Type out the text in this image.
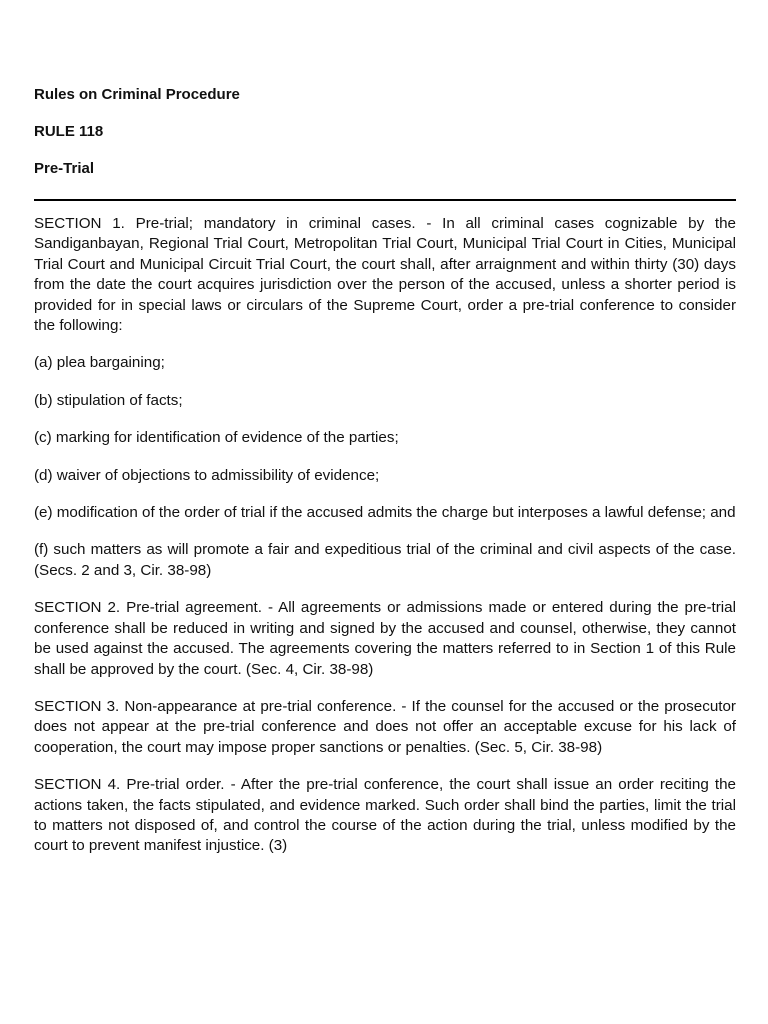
Rules on Criminal Procedure

RULE 118

Pre-Trial

SECTION 1. Pre-trial; mandatory in criminal cases. - In all criminal cases cognizable by the Sandiganbayan, Regional Trial Court, Metropolitan Trial Court, Municipal Trial Court in Cities, Municipal Trial Court and Municipal Circuit Trial Court, the court shall, after arraignment and within thirty (30) days from the date the court acquires jurisdiction over the person of the accused, unless a shorter period is provided for in special laws or circulars of the Supreme Court, order a pre-trial conference to consider the following:

(a) plea bargaining;

(b) stipulation of facts;

(c) marking for identification of evidence of the parties;

(d) waiver of objections to admissibility of evidence;

(e) modification of the order of trial if the accused admits the charge but interposes a lawful defense; and

(f) such matters as will promote a fair and expeditious trial of the criminal and civil aspects of the case. (Secs. 2 and 3, Cir. 38-98)

SECTION 2. Pre-trial agreement. - All agreements or admissions made or entered during the pre-trial conference shall be reduced in writing and signed by the accused and counsel, otherwise, they cannot be used against the accused. The agreements covering the matters referred to in Section 1 of this Rule shall be approved by the court. (Sec. 4, Cir. 38-98)

SECTION 3. Non-appearance at pre-trial conference. - If the counsel for the accused or the prosecutor does not appear at the pre-trial conference and does not offer an acceptable excuse for his lack of cooperation, the court may impose proper sanctions or penalties. (Sec. 5, Cir. 38-98)

SECTION 4. Pre-trial order. - After the pre-trial conference, the court shall issue an order reciting the actions taken, the facts stipulated, and evidence marked. Such order shall bind the parties, limit the trial to matters not disposed of, and control the course of the action during the trial, unless modified by the court to prevent manifest injustice. (3)
